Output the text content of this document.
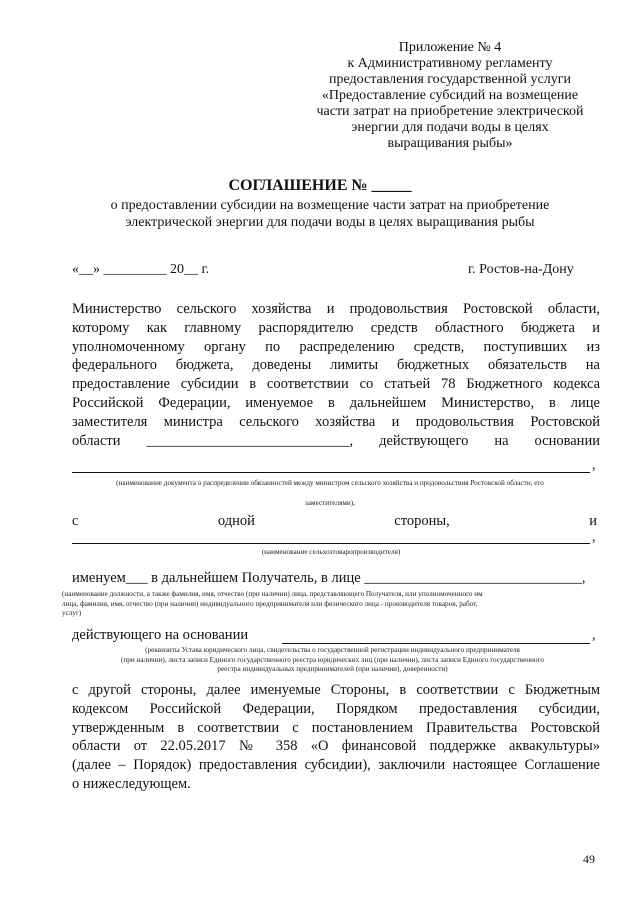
Приложение № 4
к Административному регламенту
предоставления государственной услуги
«Предоставление субсидий на возмещение
части затрат на приобретение электрической
энергии для подачи воды в целях
выращивания рыбы»
СОГЛАШЕНИЕ № _____
о предоставлении субсидии на возмещение части затрат на приобретение
электрической энергии для подачи воды в целях выращивания рыбы
«__» _________ 20__ г.	г. Ростов-на-Дону
Министерство сельского хозяйства и продовольствия Ростовской области,
которому как главному распорядителю средств областного бюджета и
уполномоченному органу по распределению средств, поступивших из
федерального бюджета, доведены лимиты бюджетных обязательств на
предоставление субсидии в соответствии со статьей 78 Бюджетного кодекса
Российской Федерации, именуемое в дальнейшем Министерство, в лице
заместителя министра сельского хозяйства и продовольствия Ростовской
области ____________________________, действующего на основании
,
(наименование документа о распределении обязанностей между министром сельского хозяйства и продовольствия Ростовской области, его
заместителями),
с	одной	стороны,	и
,
(наименование сельхозтоваропроизводителя)
именуем___ в дальнейшем Получатель, в лице ______________________________,
(наименование должности, а также фамилия, имя, отчество (при наличии) лица, представляющего Получателя, или уполномоченного им
лица, фамилия, имя, отчество (при наличии) индивидуального предпринимателя или физического лица - производителя товаров, работ,
услуг)
действующего на основании	,
(реквизиты Устава юридического лица, свидетельства о государственной регистрации индивидуального предпринимателя
(при наличии), листа записи Единого государственного реестра юридических лиц (при наличии), листа записи Единого государственного
реестра индивидуальных предпринимателей (при наличии), доверенности)
с другой стороны, далее именуемые Стороны, в соответствии с Бюджетным
кодексом Российской Федерации, Порядком предоставления субсидии,
утвержденным в соответствии с постановлением Правительства Ростовской
области от 22.05.2017 № 358 «О финансовой поддержке аквакультуры»
(далее – Порядок) предоставления субсидии), заключили настоящее Соглашение
о нижеследующем.
49
